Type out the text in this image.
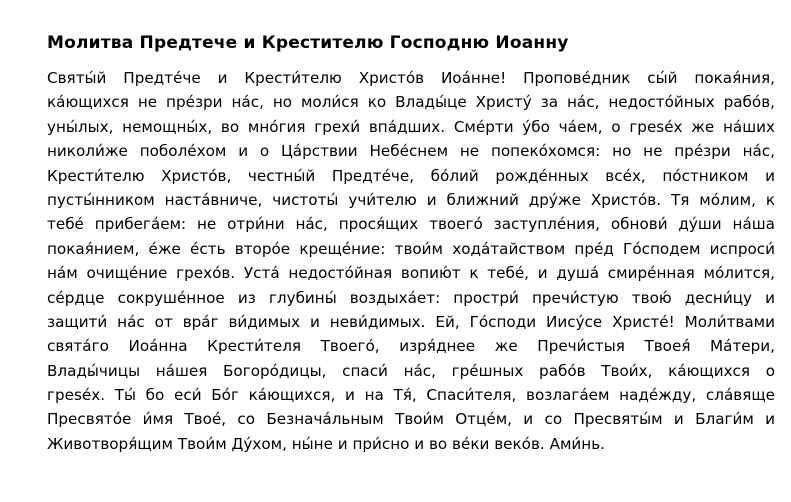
Молитва Предтече и Крестителю Господню Иоанну
Святы́й Предте́че и Крести́телю Христо́в Иоа́нне! Пропове́дник сы́й покая́ния,
ка́ющихся не пре́зри на́с, но моли́ся ко Влады́це Христу́ за на́с, недосто́йных рабо́в,
уны́лых, немощны́х, во мно́гия грехи́ впа́дших. Сме́рти у́бо ча́ем, о грeséх же на́ших
николи́же поболе́хом и о Ца́рствии Небе́снем не попеко́хомся: но не пре́зри на́с,
Крести́телю Христо́в, честны́й Предте́че, бо́лий рожде́нных все́х, по́стником и
пусты́нником наста́вниче, чистоты́ учи́телю и ближний дру́же Христо́в. Тя мо́лим, к
тебе́ прибега́ем: не отри́ни на́с, прося́щих твоего́ заступле́ния, обнови́ ду́ши на́ша
покая́нием, е́же е́сть второ́е креще́ние: твои́м хода́тайством пре́д Го́сподем испроси́
на́м очище́ние грехо́в. Уста́ недосто́йная вопию́т к тебе́, и душа́ смире́нная мо́лится,
се́рдце сокруше́нное из глубины́ воздыха́ет: простри́ пречи́стую твою́ десни́цу и
защити́ на́с от вра́г ви́димых и неви́димых. Ей, Го́споди Иису́се Христе́! Моли́твами
свята́го Иоа́нна Крести́теля Твоего́, изря́днее же Пречи́стыя Твоея́ Ма́тери,
Влады́чицы на́шея Богоро́дицы, спаси́ на́с, гре́шных рабо́в Твои́х, ка́ющихся о
грeséх. Ты́ бо еси́ Бо́г ка́ющихся, и на Тя́, Спаси́теля, возлага́ем наде́жду, сла́вяще
Пресвято́е и́мя Твое́, со Безнача́льным Твои́м Отце́м, и со Пресвяты́м и Благи́м и
Животворя́щим Твои́м Ду́хом, ны́не и при́сно и во ве́ки веко́в. Ами́нь.
